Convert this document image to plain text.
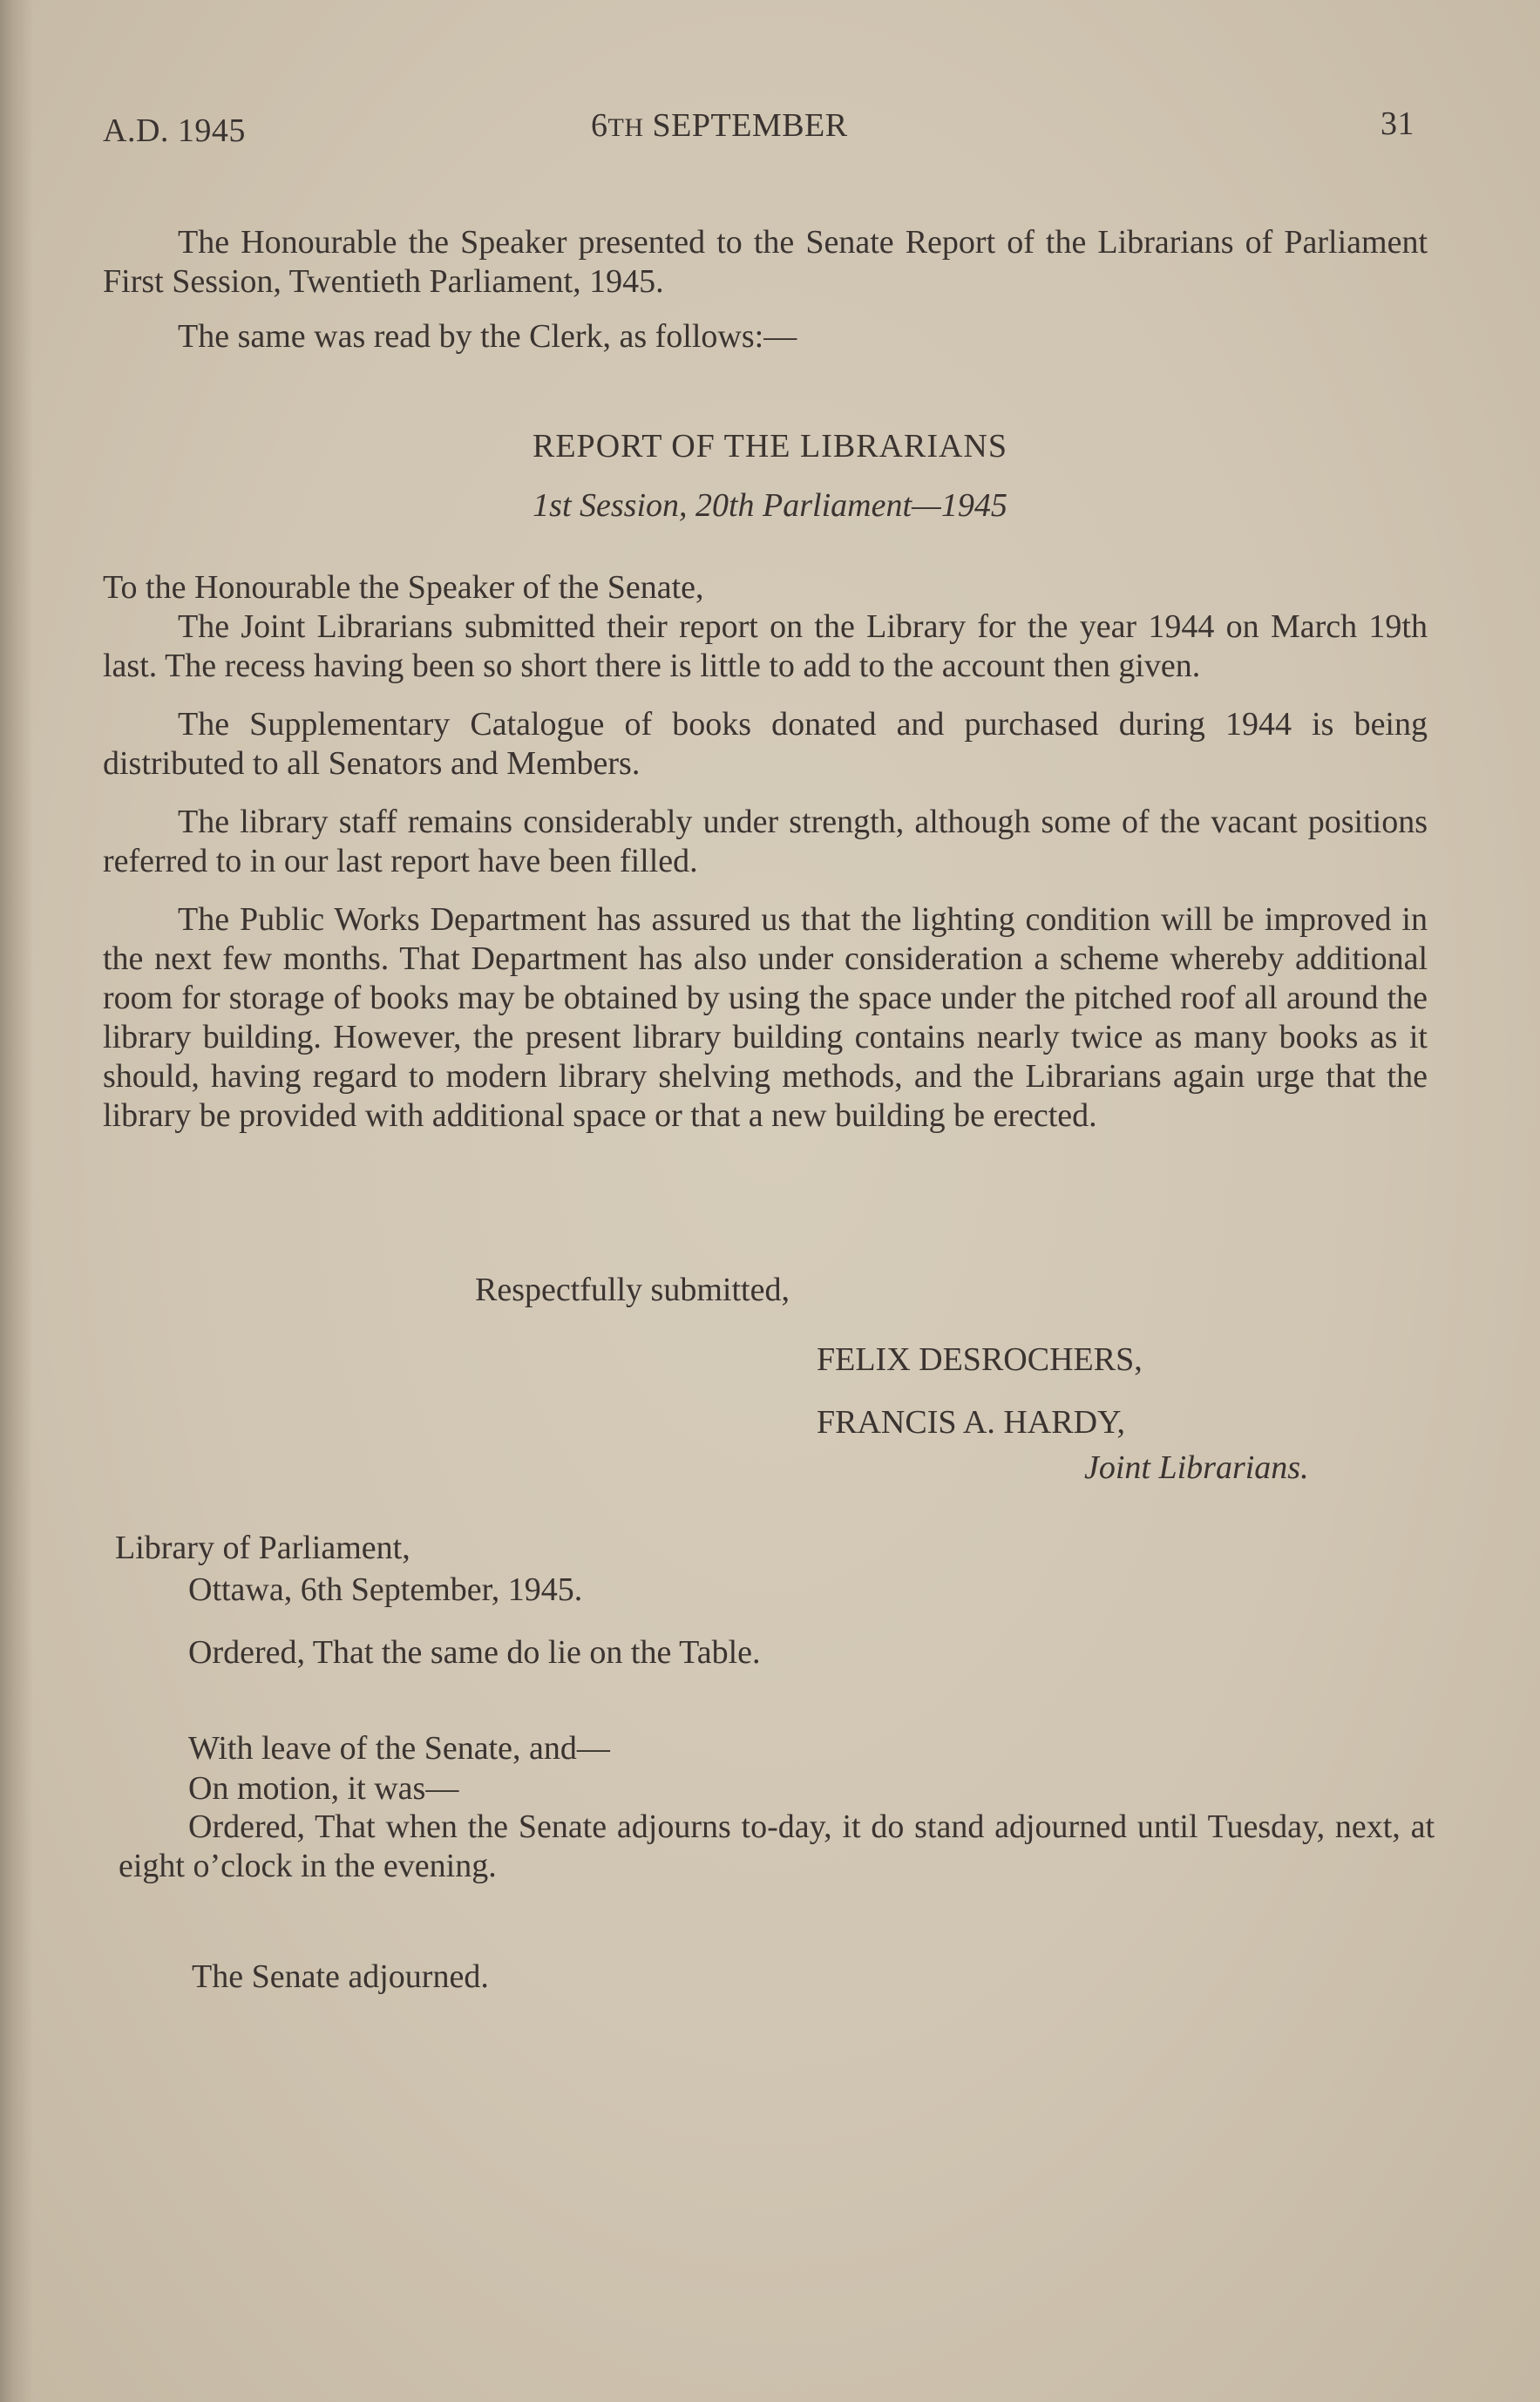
A.D. 1945	6TH SEPTEMBER	31

The Honourable the Speaker presented to the Senate Report of the Librarians of Parliament First Session, Twentieth Parliament, 1945.

The same was read by the Clerk, as follows:—

REPORT OF THE LIBRARIANS
1st Session, 20th Parliament—1945

To the Honourable the Speaker of the Senate,

The Joint Librarians submitted their report on the Library for the year 1944 on March 19th last. The recess having been so short there is little to add to the account then given.

The Supplementary Catalogue of books donated and purchased during 1944 is being distributed to all Senators and Members.

The library staff remains considerably under strength, although some of the vacant positions referred to in our last report have been filled.

The Public Works Department has assured us that the lighting condition will be improved in the next few months. That Department has also under consideration a scheme whereby additional room for storage of books may be obtained by using the space under the pitched roof all around the library building. However, the present library building contains nearly twice as many books as it should, having regard to modern library shelving methods, and the Librarians again urge that the library be provided with additional space or that a new building be erected.

Respectfully submitted,
FELIX DESROCHERS,
FRANCIS A. HARDY,
Joint Librarians.
Library of Parliament,
Ottawa, 6th September, 1945.
Ordered, That the same do lie on the Table.
With leave of the Senate, and—
On motion, it was—

Ordered, That when the Senate adjourns to-day, it do stand adjourned until Tuesday, next, at eight o’clock in the evening.

The Senate adjourned.
